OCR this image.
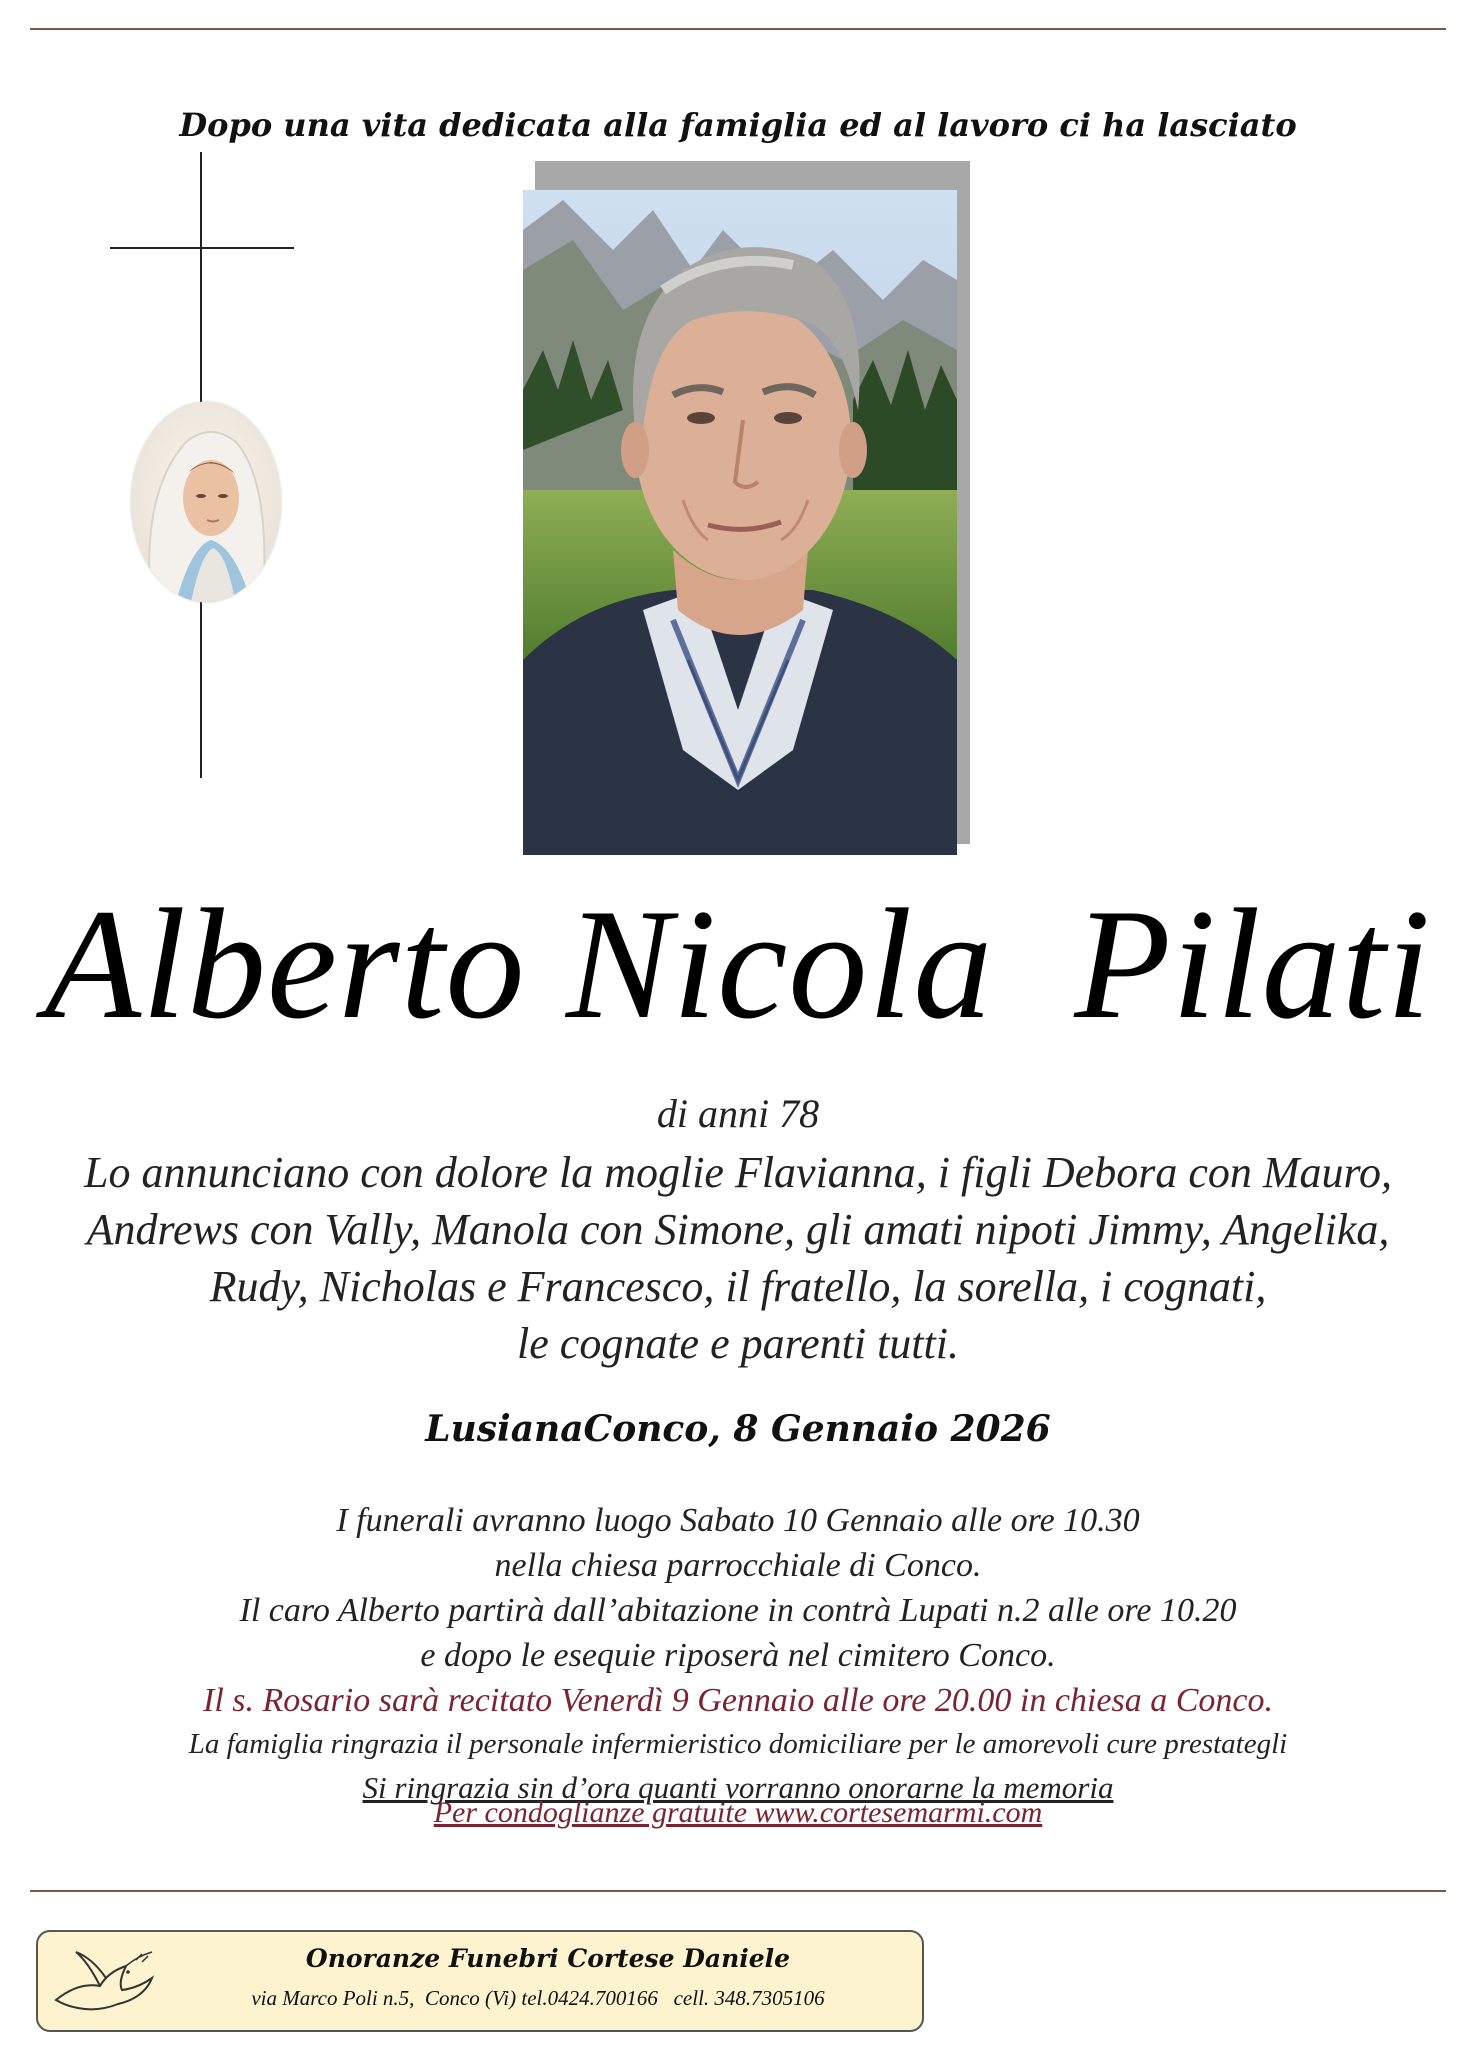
Dopo una vita dedicata alla famiglia ed al lavoro ci ha lasciato
Alberto Nicola  Pilati
di anni 78
Lo annunciano con dolore la moglie Flavianna, i figli Debora con Mauro,
Andrews con Vally, Manola con Simone, gli amati nipoti Jimmy, Angelika,
Rudy, Nicholas e Francesco, il fratello, la sorella, i cognati,
le cognate e parenti tutti.
LusianaConco, 8 Gennaio 2026
I funerali avranno luogo Sabato 10 Gennaio alle ore 10.30
nella chiesa parrocchiale di Conco.
Il caro Alberto partirà dall’abitazione in contrà Lupati n.2 alle ore 10.20
e dopo le esequie riposerà nel cimitero Conco.
Il s. Rosario sarà recitato Venerdì 9 Gennaio alle ore 20.00 in chiesa a Conco.
La famiglia ringrazia il personale infermieristico domiciliare per le amorevoli cure prestategli
Si ringrazia sin d’ora quanti vorranno onorarne la memoria
Per condoglianze gratuite www.cortesemarmi.com
Onoranze Funebri Cortese Daniele
via Marco Poli n.5,  Conco (Vi) tel.0424.700166   cell. 348.7305106
